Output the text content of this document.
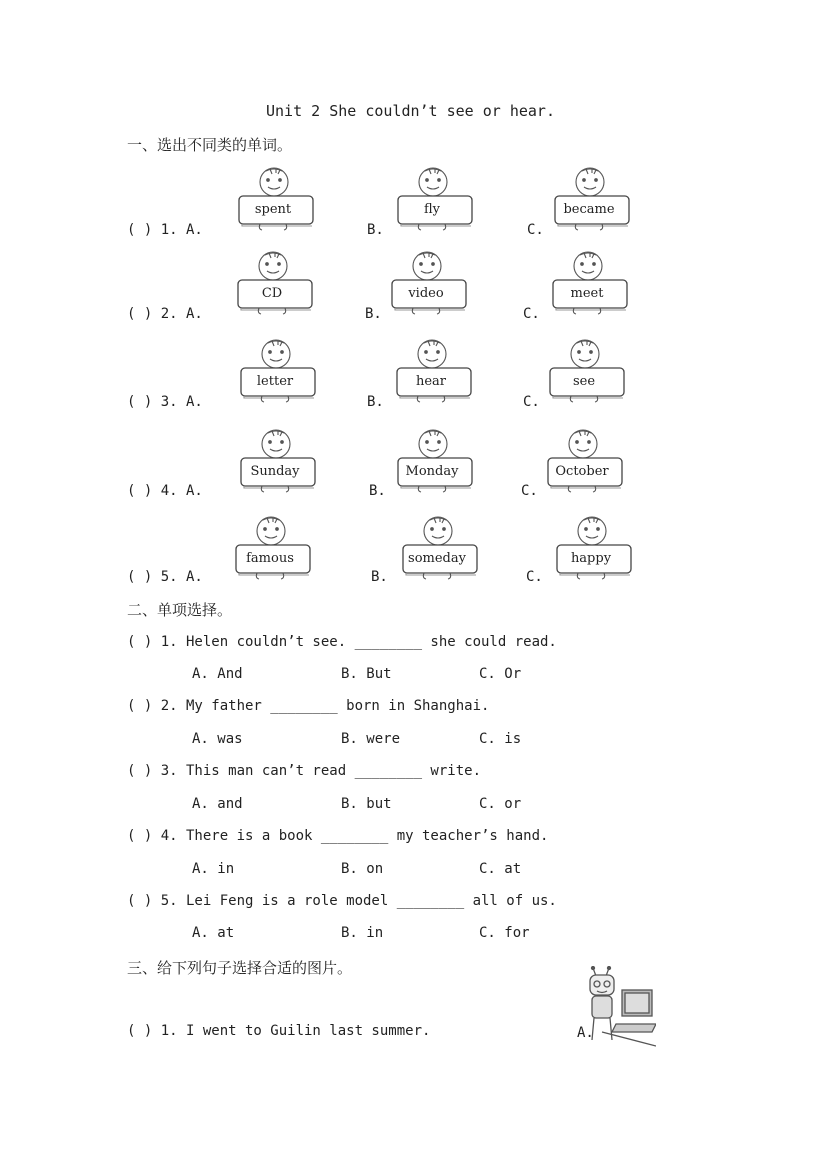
Unit 2 She couldn’t see or hear.
一、选出不同类的单词。
( ) 1. A.	B.	C.
spent	fly	became
( ) 2. A.	B.	C.
CD	video	meet
( ) 3. A.	B.	C.
letter	hear	see
( ) 4. A.	B.	C.
Sunday	Monday	October
( ) 5. A.	B.	C.
famous	someday	happy
二、单项选择。
( ) 1. Helen couldn’t see. ________ she could read.
A. And	B. But	C. Or
( ) 2. My father ________ born in Shanghai.
A. was	B. were	C. is
( ) 3. This man can’t read ________ write.
A. and	B. but	C. or
( ) 4. There is a book ________ my teacher’s hand.
A. in	B. on	C. at
( ) 5. Lei Feng is a role model ________ all of us.
A. at	B. in	C. for
三、给下列句子选择合适的图片。
( ) 1. I went to Guilin last summer.	A.
